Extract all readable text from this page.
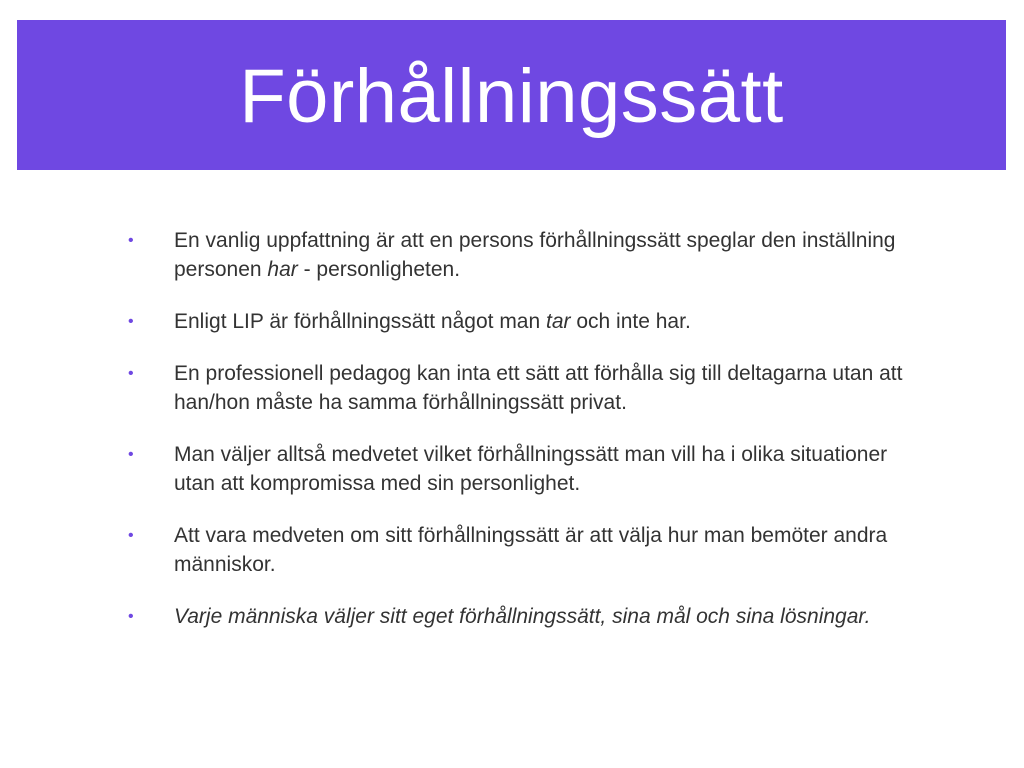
Förhållningssätt
• En vanlig uppfattning är att en persons förhållningssätt speglar den inställning personen har - personligheten.
• Enligt LIP är förhållningssätt något man tar och inte har.
• En professionell pedagog kan inta ett sätt att förhålla sig till deltagarna utan att han/hon måste ha samma förhållningssätt privat.
• Man väljer alltså medvetet vilket förhållningssätt man vill ha i olika situationer utan att kompromissa med sin personlighet.
• Att vara medveten om sitt förhållningssätt är att välja hur man bemöter andra människor.
• Varje människa väljer sitt eget förhållningssätt, sina mål och sina lösningar.
